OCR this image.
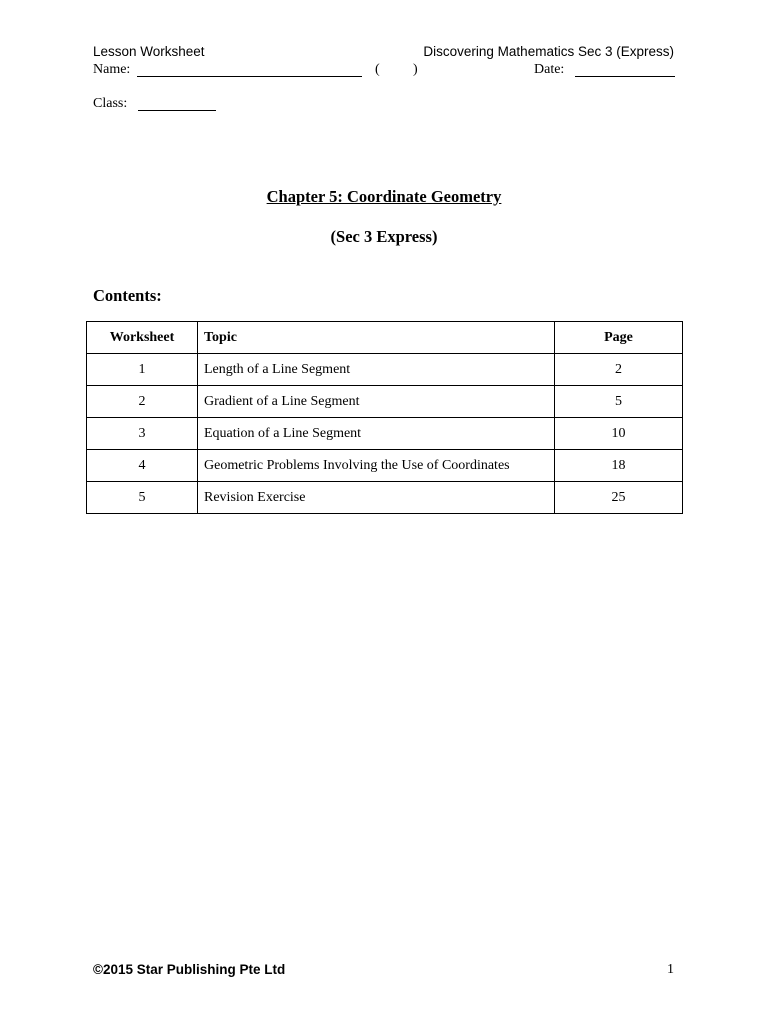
Lesson Worksheet	Discovering Mathematics Sec 3 (Express)
Name:	( )	Date:
Class:
Chapter 5: Coordinate Geometry
(Sec 3 Express)
Contents:
Worksheet	Topic	Page
1	Length of a Line Segment	2
2	Gradient of a Line Segment	5
3	Equation of a Line Segment	10
4	Geometric Problems Involving the Use of Coordinates	18
5	Revision Exercise	25
©2015 Star Publishing Pte Ltd	1
